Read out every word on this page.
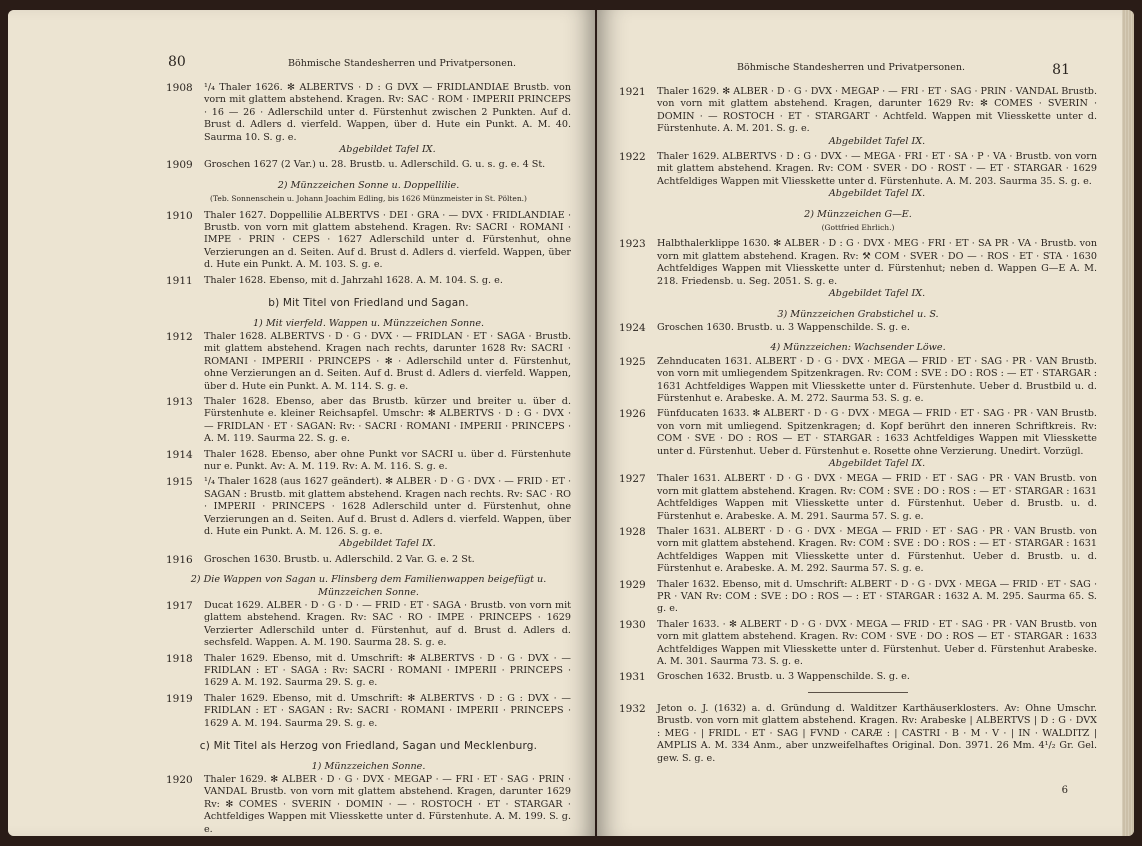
80	Böhmische Standesherren und Privatpersonen.
1908 ¹/₄ Thaler 1626. ✻ ALBERTVS · D : G DVX — FRIDLANDIAE Brustb. von vorn mit glattem abstehend. Kragen. Rv: SAC · ROM · IMPERII PRINCEPS · 16 — 26 · Adlerschild unter d. Fürstenhut zwischen 2 Punkten. Auf d. Brust d. Adlers d. vierfeld. Wappen, über d. Hute ein Punkt. A. M. 40. Saurma 10. S. g. e.
Abgebildet Tafel IX.
1909 Groschen 1627 (2 Var.) u. 28. Brustb. u. Adlerschild. G. u. s. g. e. 4 St.
2) Münzzeichen Sonne u. Doppellilie.
(Teb. Sonnenschein u. Johann Joachim Edling, bis 1626 Münzmeister in St. Pölten.)
1910 Thaler 1627. Doppellilie ALBERTVS · DEI · GRA · — DVX · FRIDLANDIAE · Brustb. von vorn mit glattem abstehend. Kragen. Rv: SACRI · ROMANI · IMPE · PRIN · CEPS · 1627 Adlerschild unter d. Fürstenhut, ohne Verzierungen an d. Seiten. Auf d. Brust d. Adlers d. vierfeld. Wappen, über d. Hute ein Punkt. A. M. 103. S. g. e.
1911 Thaler 1628. Ebenso, mit d. Jahrzahl 1628. A. M. 104. S. g. e.
b) Mit Titel von Friedland und Sagan.
1) Mit vierfeld. Wappen u. Münzzeichen Sonne.
1912 Thaler 1628. ALBERTVS · D · G · DVX · — FRIDLAN · ET · SAGA · Brustb. mit glattem abstehend. Kragen nach rechts, darunter 1628 Rv: SACRI · ROMANI · IMPERII · PRINCEPS · ✻ · Adlerschild unter d. Fürstenhut, ohne Verzierungen an d. Seiten. Auf d. Brust d. Adlers d. vierfeld. Wappen, über d. Hute ein Punkt. A. M. 114. S. g. e.
1913 Thaler 1628. Ebenso, aber das Brustb. kürzer und breiter u. über d. Fürstenhute e. kleiner Reichsapfel. Umschr: ✻ ALBERTVS · D : G · DVX · — FRIDLAN · ET · SAGAN: Rv: · SACRI · ROMANI · IMPERII · PRINCEPS · A. M. 119. Saurma 22. S. g. e.
1914 Thaler 1628. Ebenso, aber ohne Punkt vor SACRI u. über d. Fürstenhute nur e. Punkt. Av: A. M. 119. Rv: A. M. 116. S. g. e.
1915 ¹/₄ Thaler 1628 (aus 1627 geändert). ✻ ALBER · D · G · DVX · — FRID · ET · SAGAN : Brustb. mit glattem abstehend. Kragen nach rechts. Rv: SAC · RO · IMPERII · PRINCEPS · 1628 Adlerschild unter d. Fürstenhut, ohne Verzierungen an d. Seiten. Auf d. Brust d. Adlers d. vierfeld. Wappen, über d. Hute ein Punkt. A. M. 126. S. g. e.
Abgebildet Tafel IX.
1916 Groschen 1630. Brustb. u. Adlerschild. 2 Var. G. e. 2 St.
2) Die Wappen von Sagan u. Flinsberg dem Familienwappen beigefügt u. Münzzeichen Sonne.
1917 Ducat 1629. ALBER · D · G · D · — FRID · ET · SAGA · Brustb. von vorn mit glattem abstehend. Kragen. Rv: SAC · RO · IMPE · PRINCEPS · 1629 Verzierter Adlerschild unter d. Fürstenhut, auf d. Brust d. Adlers d. sechsfeld. Wappen. A. M. 190. Saurma 28. S. g. e.
1918 Thaler 1629. Ebenso, mit d. Umschrift: ✻ ALBERTVS · D · G · DVX · — FRIDLAN : ET · SAGA : Rv: SACRI · ROMANI · IMPERII · PRINCEPS · 1629 A. M. 192. Saurma 29. S. g. e.
1919 Thaler 1629. Ebenso, mit d. Umschrift: ✻ ALBERTVS · D : G : DVX · — FRIDLAN : ET · SAGAN : Rv: SACRI · ROMANI · IMPERII · PRINCEPS · 1629 A. M. 194. Saurma 29. S. g. e.
c) Mit Titel als Herzog von Friedland, Sagan und Mecklenburg.
1) Münzzeichen Sonne.
1920 Thaler 1629. ✻ ALBER · D · G · DVX · MEGAP · — FRI · ET · SAG · PRIN · VANDAL Brustb. von vorn mit glattem abstehend. Kragen, darunter 1629 Rv: ✻ COMES · SVERIN · DOMIN · — · ROSTOCH · ET · STARGAR · Achtfeldiges Wappen mit Vliesskette unter d. Fürstenhute. A. M. 199. S. g. e.
Böhmische Standesherren und Privatpersonen.	81
1921 Thaler 1629. ✻ ALBER · D · G · DVX · MEGAP · — FRI · ET · SAG · PRIN · VANDAL Brustb. von vorn mit glattem abstehend. Kragen, darunter 1629 Rv: ✻ COMES · SVERIN · DOMIN · — ROSTOCH · ET · STARGART · Achtfeld. Wappen mit Vliesskette unter d. Fürstenhute. A. M. 201. S. g. e.
Abgebildet Tafel IX.
1922 Thaler 1629. ALBERTVS · D : G · DVX · — MEGA · FRI · ET · SA · P · VA · Brustb. von vorn mit glattem abstehend. Kragen. Rv: COM · SVER · DO · ROST · — ET · STARGAR · 1629 Achtfeldiges Wappen mit Vliesskette unter d. Fürstenhute. A. M. 203. Saurma 35. S. g. e.
Abgebildet Tafel IX.
2) Münzzeichen G—E.
(Gottfried Ehrlich.)
1923 Halbthalerklippe 1630. ✻ ALBER · D : G · DVX · MEG · FRI · ET · SA PR · VA · Brustb. von vorn mit glattem abstehend. Kragen. Rv: ⚒ COM · SVER · DO — · ROS · ET · STA · 1630 Achtfeldiges Wappen mit Vliesskette unter d. Fürstenhut; neben d. Wappen G—E A. M. 218. Friedensb. u. Seg. 2051. S. g. e.
Abgebildet Tafel IX.
3) Münzzeichen Grabstichel u. S.
1924 Groschen 1630. Brustb. u. 3 Wappenschilde. S. g. e.
4) Münzzeichen: Wachsender Löwe.
1925 Zehnducaten 1631. ALBERT · D · G · DVX · MEGA — FRID · ET · SAG · PR · VAN Brustb. von vorn mit umliegendem Spitzenkragen. Rv: COM : SVE : DO : ROS : — ET · STARGAR : 1631 Achtfeldiges Wappen mit Vliesskette unter d. Fürstenhute. Ueber d. Brustbild u. d. Fürstenhut e. Arabeske. A. M. 272. Saurma 53. S. g. e.
1926 Fünfducaten 1633. ✻ ALBERT · D · G · DVX · MEGA — FRID · ET · SAG · PR · VAN Brustb. von vorn mit umliegend. Spitzenkragen; d. Kopf berührt den inneren Schriftkreis. Rv: COM · SVE · DO : ROS — ET · STARGAR : 1633 Achtfeldiges Wappen mit Vliesskette unter d. Fürstenhut. Ueber d. Fürstenhut e. Rosette ohne Verzierung. Unedirt. Vorzügl.
Abgebildet Tafel IX.
1927 Thaler 1631. ALBERT · D · G · DVX · MEGA — FRID · ET · SAG · PR · VAN Brustb. von vorn mit glattem abstehend. Kragen. Rv: COM : SVE : DO : ROS : — ET · STARGAR : 1631 Achtfeldiges Wappen mit Vliesskette unter d. Fürstenhut. Ueber d. Brustb. u. d. Fürstenhut e. Arabeske. A. M. 291. Saurma 57. S. g. e.
1928 Thaler 1631. ALBERT · D · G · DVX · MEGA — FRID · ET · SAG · PR · VAN Brustb. von vorn mit glattem abstehend. Kragen. Rv: COM : SVE : DO : ROS : — ET · STARGAR : 1631 Achtfeldiges Wappen mit Vliesskette unter d. Fürstenhut. Ueber d. Brustb. u. d. Fürstenhut e. Arabeske. A. M. 292. Saurma 57. S. g. e.
1929 Thaler 1632. Ebenso, mit d. Umschrift: ALBERT · D · G · DVX · MEGA — FRID · ET · SAG · PR · VAN Rv: COM : SVE : DO : ROS — : ET · STARGAR : 1632 A. M. 295. Saurma 65. S. g. e.
1930 Thaler 1633. · ✻ ALBERT · D · G · DVX · MEGA — FRID · ET · SAG · PR · VAN Brustb. von vorn mit glattem abstehend. Kragen. Rv: COM · SVE · DO : ROS — ET · STARGAR : 1633 Achtfeldiges Wappen mit Vliesskette unter d. Fürstenhut. Ueber d. Fürstenhut Arabeske. A. M. 301. Saurma 73. S. g. e.
1931 Groschen 1632. Brustb. u. 3 Wappenschilde. S. g. e.
1932 Jeton o. J. (1632) a. d. Gründung d. Walditzer Karthäuserklosters. Av: Ohne Umschr. Brustb. von vorn mit glattem abstehend. Kragen. Rv: Arabeske | ALBERTVS | D : G · DVX : MEG · | FRIDL · ET · SAG | FVND · CARÆ : | CASTRI · B · M · V · | IN · WALDITZ | AMPLIS A. M. 334 Anm., aber unzweifelhaftes Original. Don. 3971. 26 Mm. 4¹/₂ Gr. Gel. gew. S. g. e.
6
